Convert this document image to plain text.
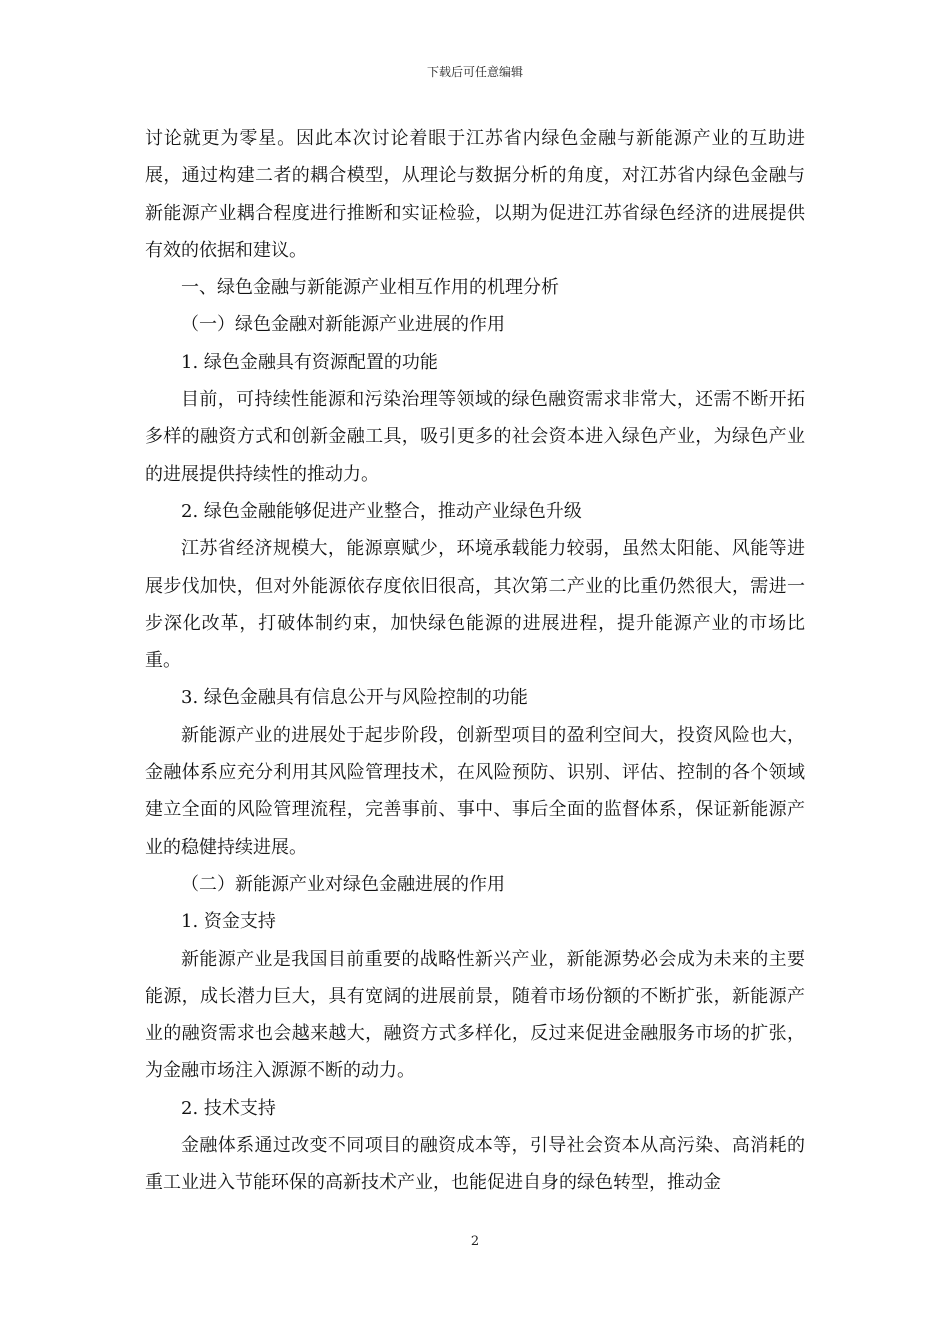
下载后可任意编辑

讨论就更为零星。因此本次讨论着眼于江苏省内绿色金融与新能源产业的互助进展，通过构建二者的耦合模型，从理论与数据分析的角度，对江苏省内绿色金融与新能源产业耦合程度进行推断和实证检验，以期为促进江苏省绿色经济的进展提供有效的依据和建议。

一、绿色金融与新能源产业相互作用的机理分析

（一）绿色金融对新能源产业进展的作用

1. 绿色金融具有资源配置的功能

目前，可持续性能源和污染治理等领域的绿色融资需求非常大，还需不断开拓多样的融资方式和创新金融工具，吸引更多的社会资本进入绿色产业，为绿色产业的进展提供持续性的推动力。

2. 绿色金融能够促进产业整合，推动产业绿色升级

江苏省经济规模大，能源禀赋少，环境承载能力较弱，虽然太阳能、风能等进展步伐加快，但对外能源依存度依旧很高，其次第二产业的比重仍然很大，需进一步深化改革，打破体制约束，加快绿色能源的进展进程，提升能源产业的市场比重。

3. 绿色金融具有信息公开与风险控制的功能

新能源产业的进展处于起步阶段，创新型项目的盈利空间大，投资风险也大，金融体系应充分利用其风险管理技术，在风险预防、识别、评估、控制的各个领域建立全面的风险管理流程，完善事前、事中、事后全面的监督体系，保证新能源产业的稳健持续进展。

（二）新能源产业对绿色金融进展的作用

1. 资金支持

新能源产业是我国目前重要的战略性新兴产业，新能源势必会成为未来的主要能源，成长潜力巨大，具有宽阔的进展前景，随着市场份额的不断扩张，新能源产业的融资需求也会越来越大，融资方式多样化，反过来促进金融服务市场的扩张，为金融市场注入源源不断的动力。

2. 技术支持

金融体系通过改变不同项目的融资成本等，引导社会资本从高污染、高消耗的重工业进入节能环保的高新技术产业，也能促进自身的绿色转型，推动金

2
